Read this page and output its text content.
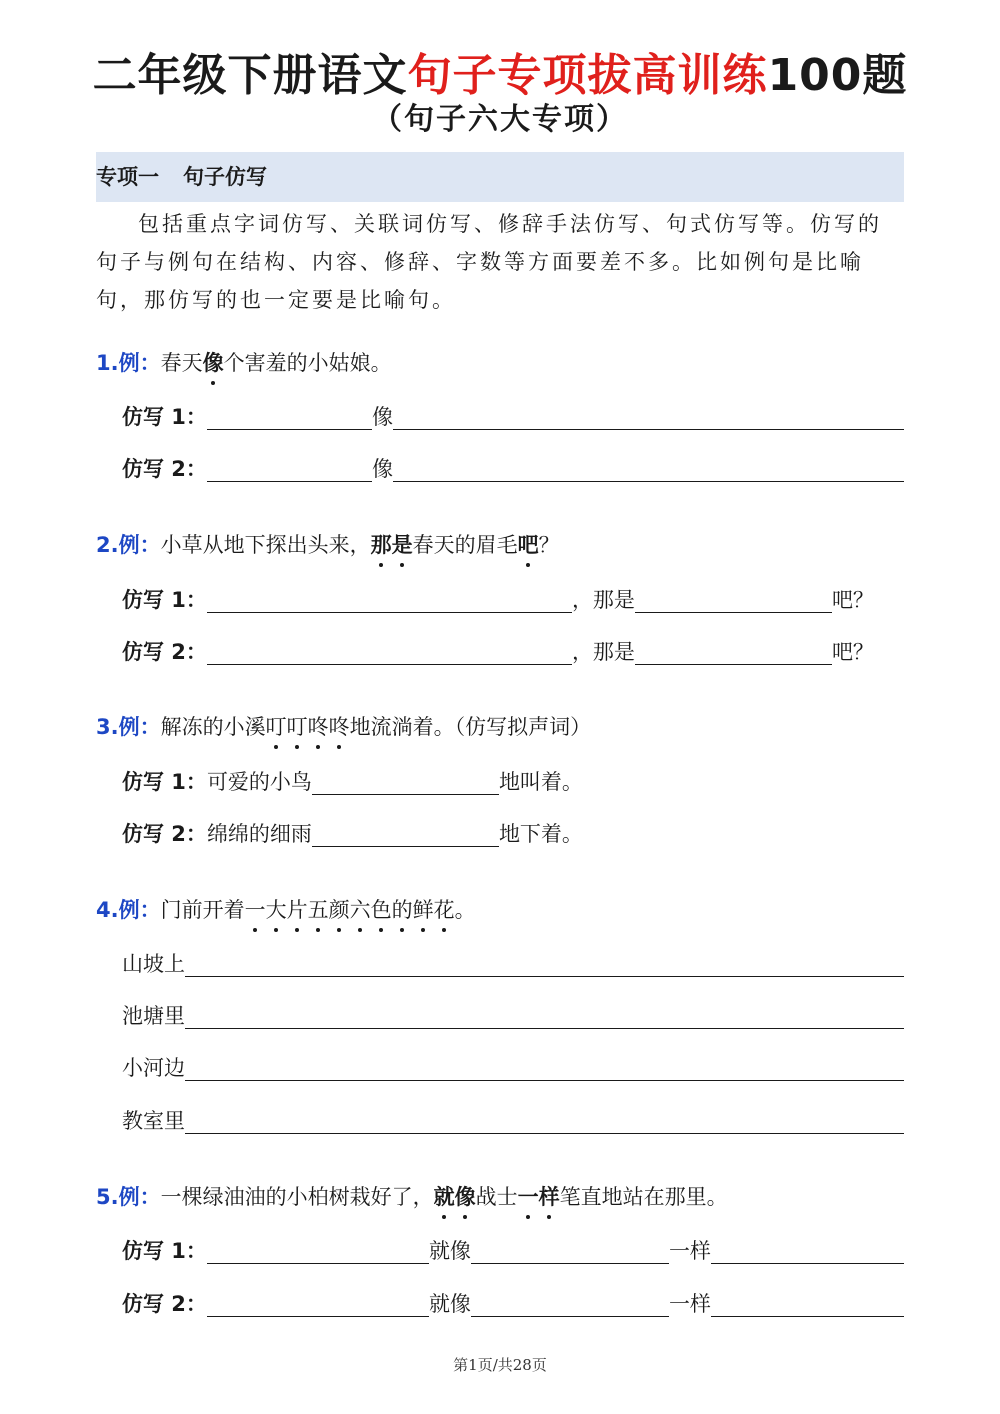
二年级下册语文句子专项拔高训练100题
（句子六大专项）
专项一 句子仿写

包括重点字词仿写、关联词仿写、修辞手法仿写、句式仿写等。仿写的句子与例句在结构、内容、修辞、字数等方面要差不多。比如例句是比喻句，那仿写的也一定要是比喻句。

1.例：春天像个害羞的小姑娘。
仿写 1：	像
仿写 2：	像
2.例：小草从地下探出头来，那是春天的眉毛吧？
仿写 1：	，那是	吧？
仿写 2：	，那是	吧？
3.例：解冻的小溪叮叮咚咚地流淌着。（仿写拟声词）
仿写 1： 可爱的小鸟	地叫着。
仿写 2： 绵绵的细雨	地下着。
4.例：门前开着一大片五颜六色的鲜花。
山坡上
池塘里
小河边
教室里
5.例：一棵绿油油的小柏树栽好了，就像战士一样笔直地站在那里。
仿写 1：	就像	一样
仿写 2：	就像	一样
第1页/共28页
